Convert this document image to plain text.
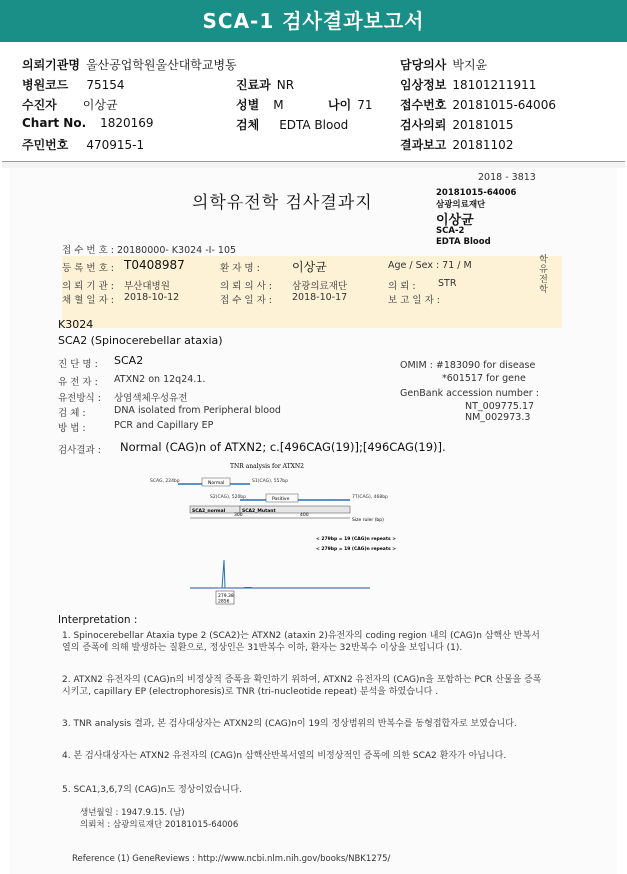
SCA-1 검사결과보고서
의뢰기관명 울산공업학원울산대학교병동	담당의사 박지윤
병원코드 75154	진료과 NR	임상정보 18101211911
수진자 이상균	성별 M	나이 71 접수번호 20181015-64006
Chart No. 1820169	검체 EDTA Blood	검사의뢰 20181015
주민번호 470915-1	결과보고 20181102
2018 - 3813
의학유전학 검사결과지	20181015-64006
삼광의료재단
이상균
SCA-2
EDTA Blood
접 수 번 호 : 20180000- K3024 -I- 105
등 록 번 호 : T0408987	환 자 명 :	이상균	Age / Sex : 71 / M
의 뢰 기 관 : 부산대병원	의 뢰 의 사 : 삼광의료재단	의 뢰 : STR
채 혈 일 자 : 2018-10-12	접 수 일 자 : 2018-10-17	보 고 일 자 :
학유전학
K3024
SCA2 (Spinocerebellar ataxia)
진 단 명 : SCA2
유 전 자 : ATXN2 on 12q24.1.
유전방식 : 상염색체우성유전
검 체 :	DNA isolated from Peripheral blood
방 법 :	PCR and Capillary EP
OMIM : #183090 for disease
*601517 for gene
GenBank accession number :
NT_009775.17
NM_002973.3
검사결과 : Normal (CAG)n of ATXN2; c.[496CAG(19)];[496CAG(19)].
TNR analysis for ATXN2
SCAG, 224bp	Normal	S1(CAG), 557bp
S2(CAG), 520bp	Positive	7T(CAG), 468bp
SCA2_normal	SCA2_Mutant
300	400
Size ruler (bp)
< 279bp = 19 (CAG)n repeats >
< 279bp = 19 (CAG)n repeats >
279.38
2856
Interpretation :
1. Spinocerebellar Ataxia type 2 (SCA2)는 ATXN2 (ataxin 2)유전자의 coding region 내의 (CAG)n 삼핵산 반복서열의 증폭에 의해 발생하는 질환으로, 정상인은 31반복수 이하, 환자는 32반복수 이상을 보입니다 (1).
2. ATXN2 유전자의 (CAG)n의 비정상적 증폭을 확인하기 위하여, ATXN2 유전자의 (CAG)n을 포함하는 PCR 산물을 증폭시키고, capillary EP (electrophoresis)로 TNR (tri-nucleotide repeat) 분석을 하였습니다 .
3. TNR analysis 결과, 본 검사대상자는 ATXN2의 (CAG)n이 19의 정상범위의 반복수를 동형접합자로 보였습니다.
4. 본 검사대상자는 ATXN2 유전자의 (CAG)n 삼핵산반복서열의 비정상적인 증폭에 의한 SCA2 환자가 아닙니다.
5. SCA1,3,6,7의 (CAG)n도 정상이었습니다.
생년월일 : 1947.9.15. (남)
의뢰처 : 삼광의료재단 20181015-64006
Reference (1) GeneReviews : http://www.ncbi.nlm.nih.gov/books/NBK1275/
